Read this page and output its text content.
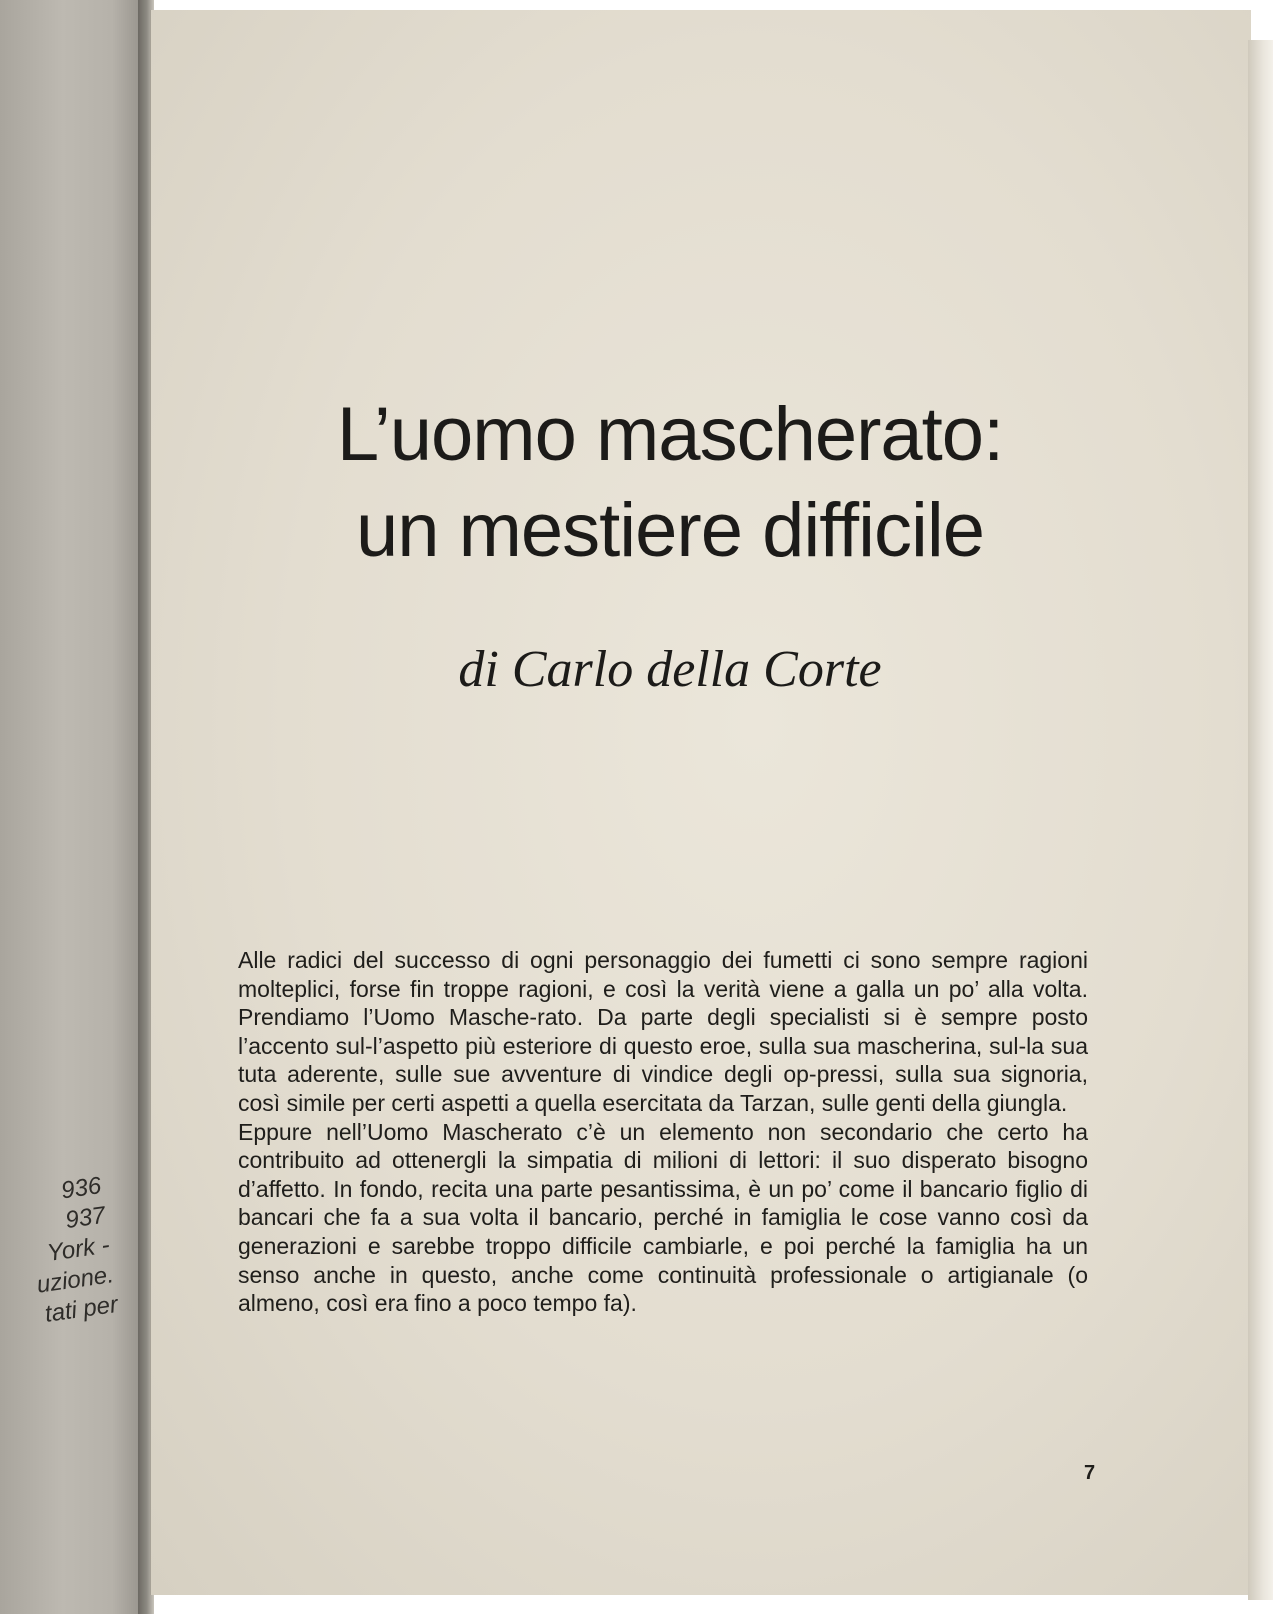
936
937
York -
uzione.
tati per
L’uomo mascherato:
un mestiere difficile
di Carlo della Corte

Alle radici del successo di ogni personaggio dei fumetti ci sono sempre ragioni molteplici, forse fin troppe ragioni, e così la verità viene a galla un po’ alla volta. Prendiamo l’Uomo Masche-rato. Da parte degli specialisti si è sempre posto l’accento sul-l’aspetto più esteriore di questo eroe, sulla sua mascherina, sul-la sua tuta aderente, sulle sue avventure di vindice degli op-pressi, sulla sua signoria, così simile per certi aspetti a quella esercitata da Tarzan, sulle genti della giungla.

Eppure nell’Uomo Mascherato c’è un elemento non secondario che certo ha contribuito ad ottenergli la simpatia di milioni di lettori: il suo disperato bisogno d’affetto. In fondo, recita una parte pesantissima, è un po’ come il bancario figlio di bancari che fa a sua volta il bancario, perché in famiglia le cose vanno così da generazioni e sarebbe troppo difficile cambiarle, e poi perché la famiglia ha un senso anche in questo, anche come continuità professionale o artigianale (o almeno, così era fino a poco tempo fa).

7
